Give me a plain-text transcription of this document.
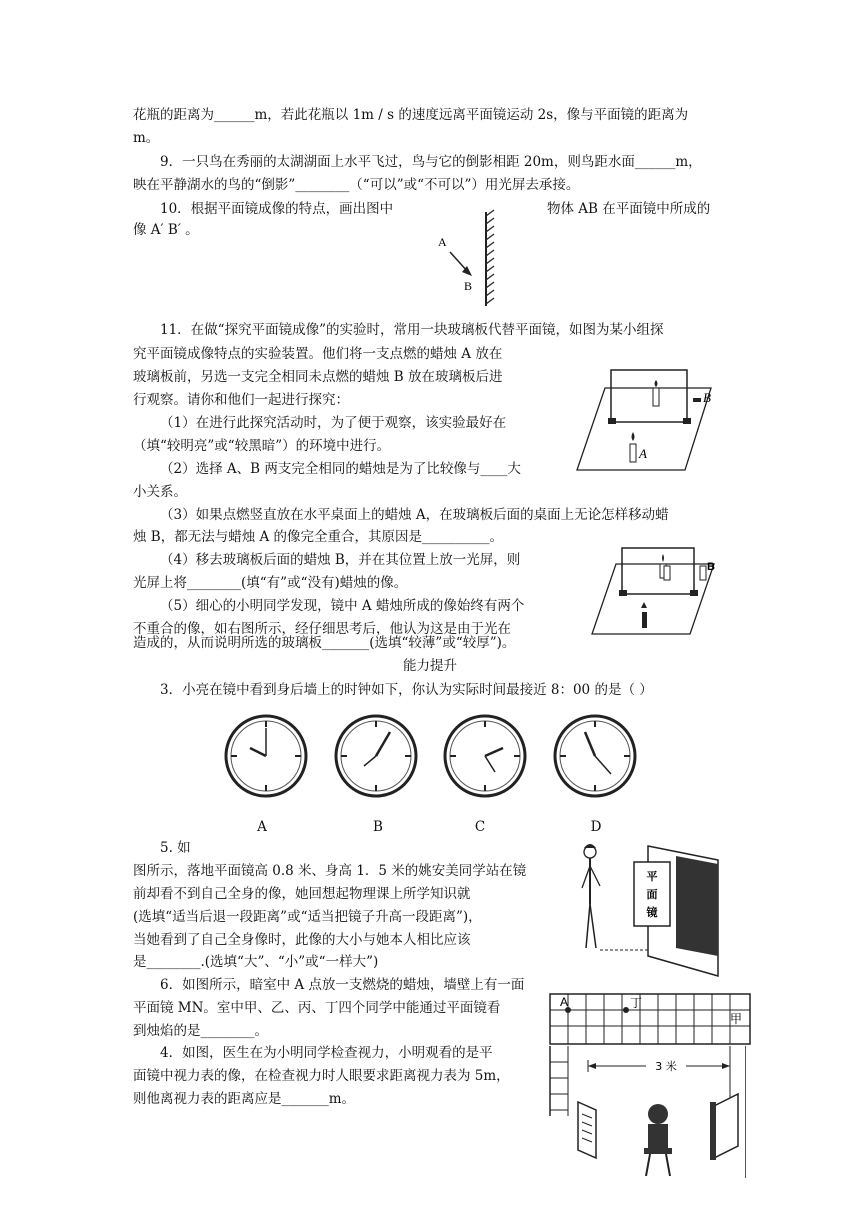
花瓶的距离为______m，若此花瓶以 1m / s 的速度远离平面镜运动 2s，像与平面镜的距离为
m。
9．一只鸟在秀丽的太湖湖面上水平飞过，鸟与它的倒影相距 20m，则鸟距水面______m，
映在平静湖水的鸟的“倒影”________（“可以”或“不可以”）用光屏去承接。
10．根据平面镜成像的特点，画出图中	物体 AB 在平面镜中所成的
像 A′ B′ 。
11．在做“探究平面镜成像”的实验时，常用一块玻璃板代替平面镜，如图为某小组探
究平面镜成像特点的实验装置。他们将一支点燃的蜡烛 A 放在
玻璃板前，另选一支完全相同未点燃的蜡烛 B 放在玻璃板后进
行观察。请你和他们一起进行探究：
（1）在进行此探究活动时，为了便于观察，该实验最好在
（填“较明亮”或“较黑暗”）的环境中进行。
（2）选择 A、B 两支完全相同的蜡烛是为了比较像与____大
小关系。
（3）如果点燃竖直放在水平桌面上的蜡烛 A，在玻璃板后面的桌面上无论怎样移动蜡
烛 B，都无法与蜡烛 A 的像完全重合，其原因是__________。
（4）移去玻璃板后面的蜡烛 B，并在其位置上放一光屏，则
光屏上将________(填“有”或“没有)蜡烛的像。
（5）细心的小明同学发现，镜中 A 蜡烛所成的像始终有两个
不重合的像，如右图所示，经仔细思考后，他认为这是由于光在
造成的，从而说明所选的玻璃板_______(选填“较薄”或“较厚”)。
能力提升
3．小亮在镜中看到身后墙上的时钟如下，你认为实际时间最接近 8：00 的是（ ）
5. 如
图所示，落地平面镜高 0.8 米、身高 1．5 米的姚安美同学站在镜
前却看不到自己全身的像，她回想起物理课上所学知识就
(选填“适当后退一段距离”或“适当把镜子升高一段距离”)，
当她看到了自己全身像时，此像的大小与她本人相比应该
是________.(选填“大”、“小”或“一样大”)
6．如图所示，暗室中 A 点放一支燃烧的蜡烛，墙壁上有一面
平面镜 MN。室中甲、乙、丙、丁四个同学中能通过平面镜看
到烛焰的是________。
4．如图，医生在为小明同学检查视力，小明观看的是平
面镜中视力表的像，在检查视力时人眼要求距离视力表为 5m，
则他离视力表的距离应是_______m。
A
B
B
A
B
A	B	C	D
平
面
镜
A	丁
甲
3 米
